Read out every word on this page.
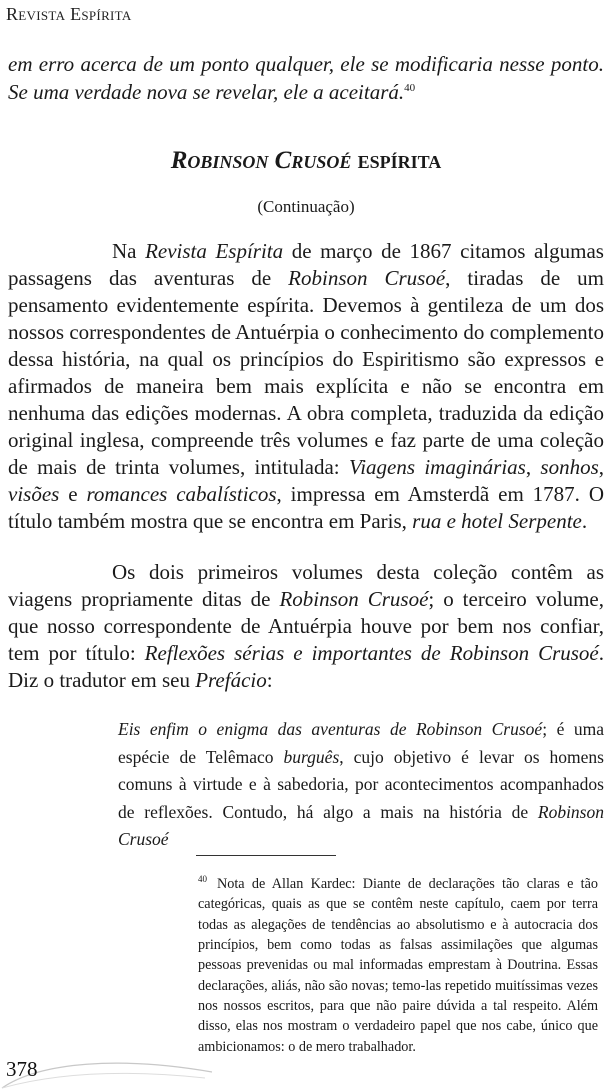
Revista Espírita

em erro acerca de um ponto qualquer, ele se modificaria nesse ponto. Se uma verdade nova se revelar, ele a aceitará.$^{40}$

Robinson Crusoé espírita

(Continuação)

Na Revista Espírita de março de 1867 citamos algumas passagens das aventuras de Robinson Crusoé, tiradas de um pensamento evidentemente espírita. Devemos à gentileza de um dos nossos correspondentes de Antuérpia o conhecimento do complemento dessa história, na qual os princípios do Espiritismo são expressos e afirmados de maneira bem mais explícita e não se encontra em nenhuma das edições modernas. A obra completa, traduzida da edição original inglesa, compreende três volumes e faz parte de uma coleção de mais de trinta volumes, intitulada: Viagens imaginárias, sonhos, visões e romances cabalísticos, impressa em Amsterdã em 1787. O título também mostra que se encontra em Paris, rua e hotel Serpente.

Os dois primeiros volumes desta coleção contêm as viagens propriamente ditas de Robinson Crusoé; o terceiro volume, que nosso correspondente de Antuérpia houve por bem nos confiar, tem por título: Reflexões sérias e importantes de Robinson Crusoé. Diz o tradutor em seu Prefácio:

Eis enfim o enigma das aventuras de Robinson Crusoé; é uma espécie de Telêmaco burguês, cujo objetivo é levar os homens comuns à virtude e à sabedoria, por acontecimentos acompanhados de reflexões. Contudo, há algo a mais na história de Robinson Crusoé

$^{40}$ Nota de Allan Kardec: Diante de declarações tão claras e tão categóricas, quais as que se contêm neste capítulo, caem por terra todas as alegações de tendências ao absolutismo e à autocracia dos princípios, bem como todas as falsas assimilações que algumas pessoas prevenidas ou mal informadas emprestam à Doutrina. Essas declarações, aliás, não são novas; temo-las repetido muitíssimas vezes nos nossos escritos, para que não paire dúvida a tal respeito. Além disso, elas nos mostram o verdadeiro papel que nos cabe, único que ambicionamos: o de mero trabalhador.

378
